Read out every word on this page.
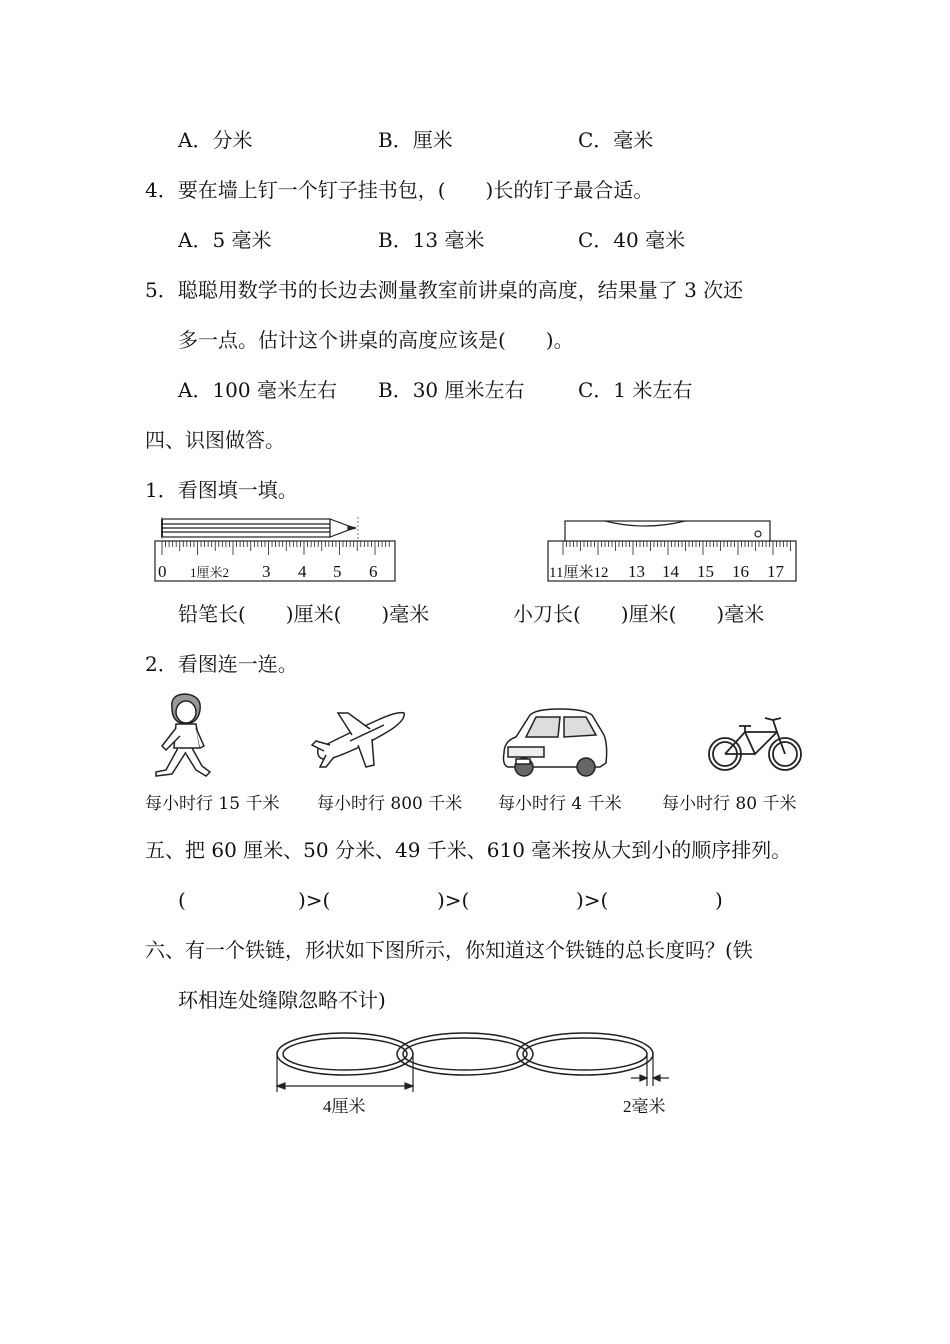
A．分米	B．厘米	C．毫米
4．要在墙上钉一个钉子挂书包，(　　)长的钉子最合适。
A．5 毫米	B．13 毫米	C．40 毫米
5．聪聪用数学书的长边去测量教室前讲桌的高度，结果量了 3 次还
多一点。估计这个讲桌的高度应该是(　　)。
A．100 毫米左右 B．30 厘米左右	C．1 米左右
四、识图做答。
1．看图填一填。
0 1厘米2 3 4 5 6	11厘米12 13 14 15 16 17
铅笔长(　　)厘米(　　)毫米	小刀长(　　)厘米(　　)毫米
2．看图连一连。
每小时行 15 千米 每小时行 800 千米 每小时行 4 千米 每小时行 80 千米
五、把 60 厘米、50 分米、49 千米、610 毫米按从大到小的顺序排列。
(	)>(	)>(	)>(	)
六、有一个铁链，形状如下图所示，你知道这个铁链的总长度吗？(铁
环相连处缝隙忽略不计)
4厘米	2毫米
